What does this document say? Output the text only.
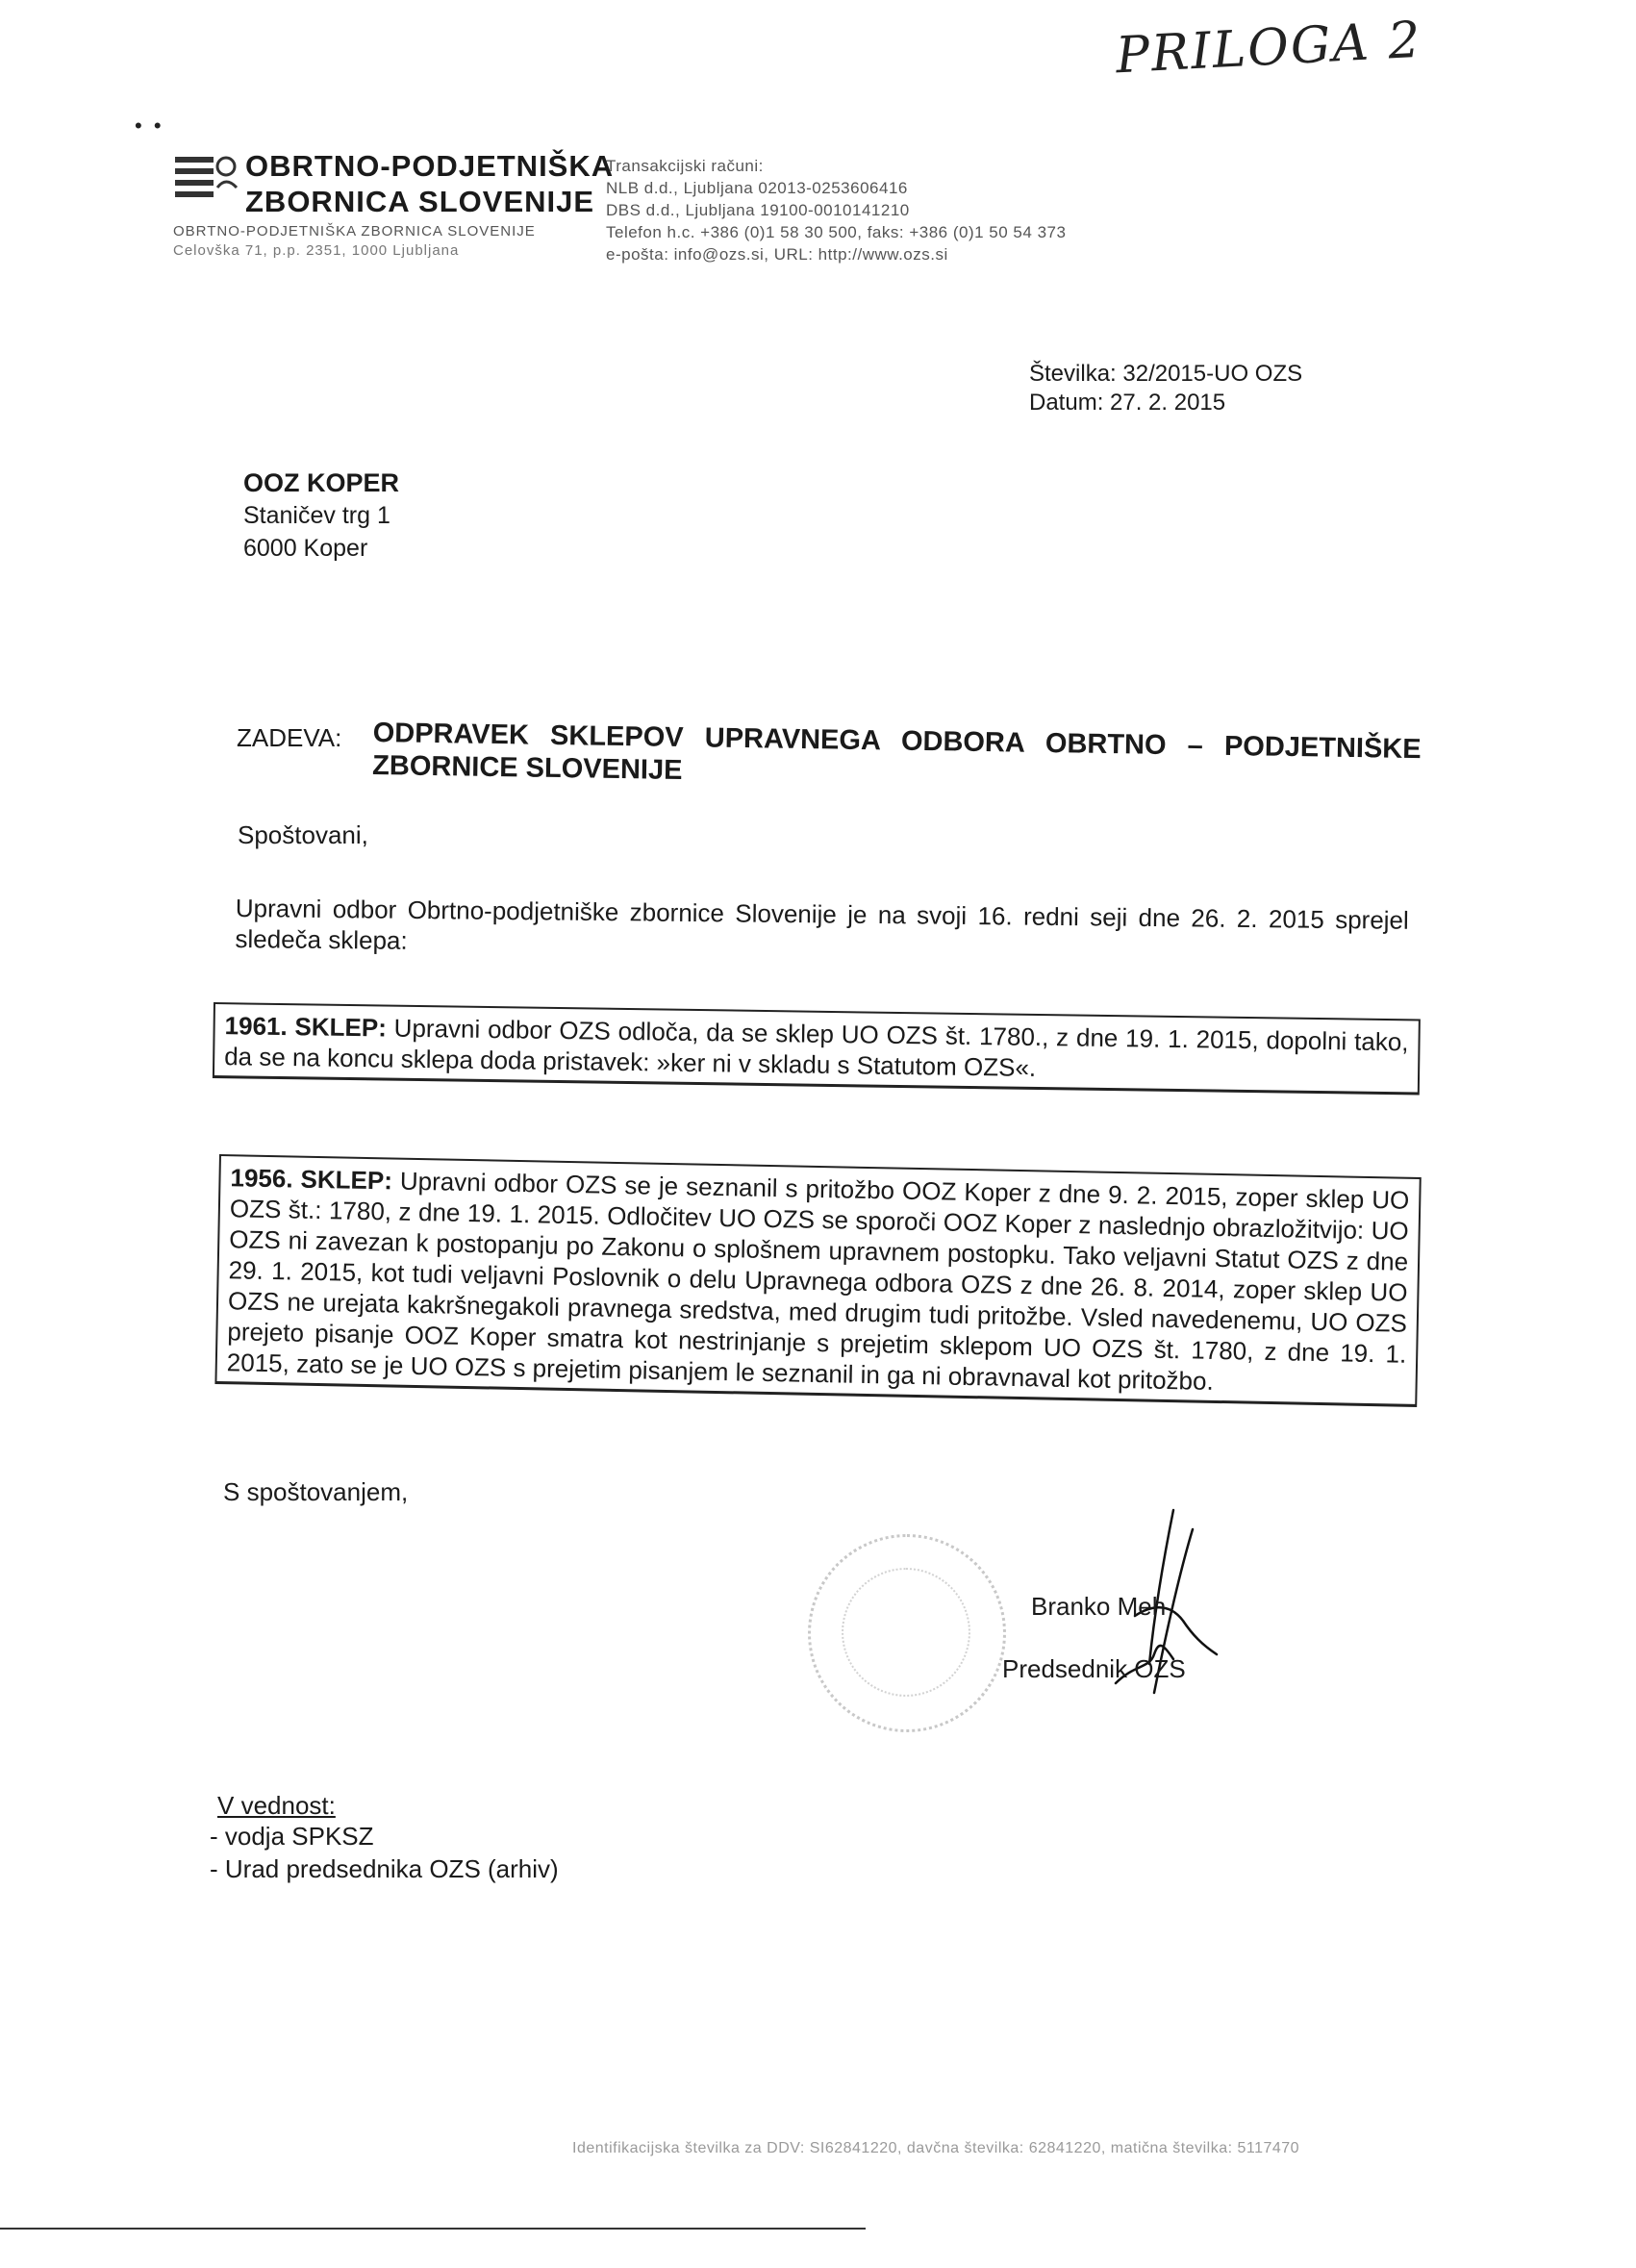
PRILOGA 2
•  •
OBRTNO-PODJETNIŠKA
ZBORNICA SLOVENIJE
OBRTNO-PODJETNIŠKA ZBORNICA SLOVENIJE
Celovška 71, p.p. 2351, 1000 Ljubljana
Transakcijski računi:
NLB d.d., Ljubljana 02013-0253606416
DBS d.d., Ljubljana 19100-0010141210
Telefon h.c. +386 (0)1 58 30 500, faks: +386 (0)1 50 54 373
e-pošta: info@ozs.si, URL: http://www.ozs.si
Številka: 32/2015-UO OZS
Datum: 27. 2. 2015
OOZ KOPER
Staničev trg 1
6000 Koper
ZADEVA: ODPRAVEK SKLEPOV UPRAVNEGA ODBORA OBRTNO – PODJETNIŠKE ZBORNICE SLOVENIJE
Spoštovani,
Upravni odbor Obrtno-podjetniške zbornice Slovenije je na svoji 16. redni seji dne 26. 2. 2015 sprejel sledeča sklepa:
1961. SKLEP: Upravni odbor OZS odloča, da se sklep UO OZS št. 1780., z dne 19. 1. 2015, dopolni tako, da se na koncu sklepa doda pristavek: »ker ni v skladu s Statutom OZS«.
1956. SKLEP: Upravni odbor OZS se je seznanil s pritožbo OOZ Koper z dne 9. 2. 2015, zoper sklep UO OZS št.: 1780, z dne 19. 1. 2015. Odločitev UO OZS se sporoči OOZ Koper z naslednjo obrazložitvijo: UO OZS ni zavezan k postopanju po Zakonu o splošnem upravnem postopku. Tako veljavni Statut OZS z dne 29. 1. 2015, kot tudi veljavni Poslovnik o delu Upravnega odbora OZS z dne 26. 8. 2014, zoper sklep UO OZS ne urejata kakršnegakoli pravnega sredstva, med drugim tudi pritožbe. Vsled navedenemu, UO OZS prejeto pisanje OOZ Koper smatra kot nestrinjanje s prejetim sklepom UO OZS št. 1780, z dne 19. 1. 2015, zato se je UO OZS s prejetim pisanjem le seznanil in ga ni obravnaval kot pritožbo.
S spoštovanjem,
Branko Meh
Predsednik OZS
V vednost:
- vodja SPKSZ
- Urad predsednika OZS (arhiv)
Identifikacijska številka za DDV: SI62841220, davčna številka: 62841220, matična številka: 5117470
